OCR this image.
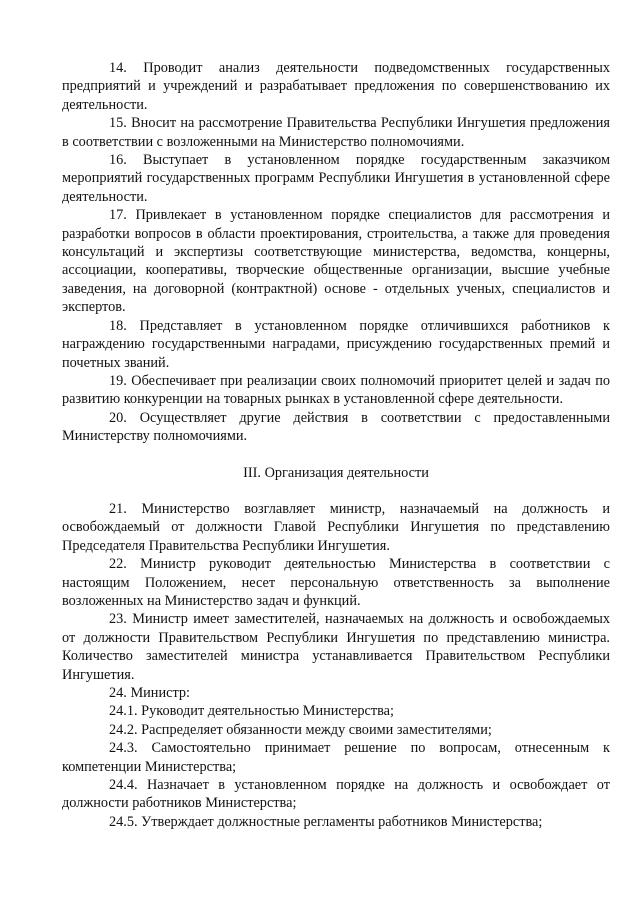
14. Проводит анализ деятельности подведомственных государственных предприятий и учреждений и разрабатывает предложения по совершенствованию их деятельности.

15. Вносит на рассмотрение Правительства Республики Ингушетия предложения в соответствии с возложенными на Министерство полномочиями.

16. Выступает в установленном порядке государственным заказчиком мероприятий государственных программ Республики Ингушетия в установленной сфере деятельности.

17. Привлекает в установленном порядке специалистов для рассмотрения и разработки вопросов в области проектирования, строительства, а также для проведения консультаций и экспертизы соответствующие министерства, ведомства, концерны, ассоциации, кооперативы, творческие общественные организации, высшие учебные заведения, на договорной (контрактной) основе - отдельных ученых, специалистов и экспертов.

18. Представляет в установленном порядке отличившихся работников к награждению государственными наградами, присуждению государственных премий и почетных званий.

19. Обеспечивает при реализации своих полномочий приоритет целей и задач по развитию конкуренции на товарных рынках в установленной сфере деятельности.

20. Осуществляет другие действия в соответствии с предоставленными Министерству полномочиями.

III. Организация деятельности

21. Министерство возглавляет министр, назначаемый на должность и освобождаемый от должности Главой Республики Ингушетия по представлению Председателя Правительства Республики Ингушетия.

22. Министр руководит деятельностью Министерства в соответствии с настоящим Положением, несет персональную ответственность за выполнение возложенных на Министерство задач и функций.

23. Министр имеет заместителей, назначаемых на должность и освобождаемых от должности Правительством Республики Ингушетия по представлению министра. Количество заместителей министра устанавливается Правительством Республики Ингушетия.

24. Министр:

24.1. Руководит деятельностью Министерства;

24.2. Распределяет обязанности между своими заместителями;

24.3. Самостоятельно принимает решение по вопросам, отнесенным к компетенции Министерства;

24.4. Назначает в установленном порядке на должность и освобождает от должности работников Министерства;

24.5. Утверждает должностные регламенты работников Министерства;
